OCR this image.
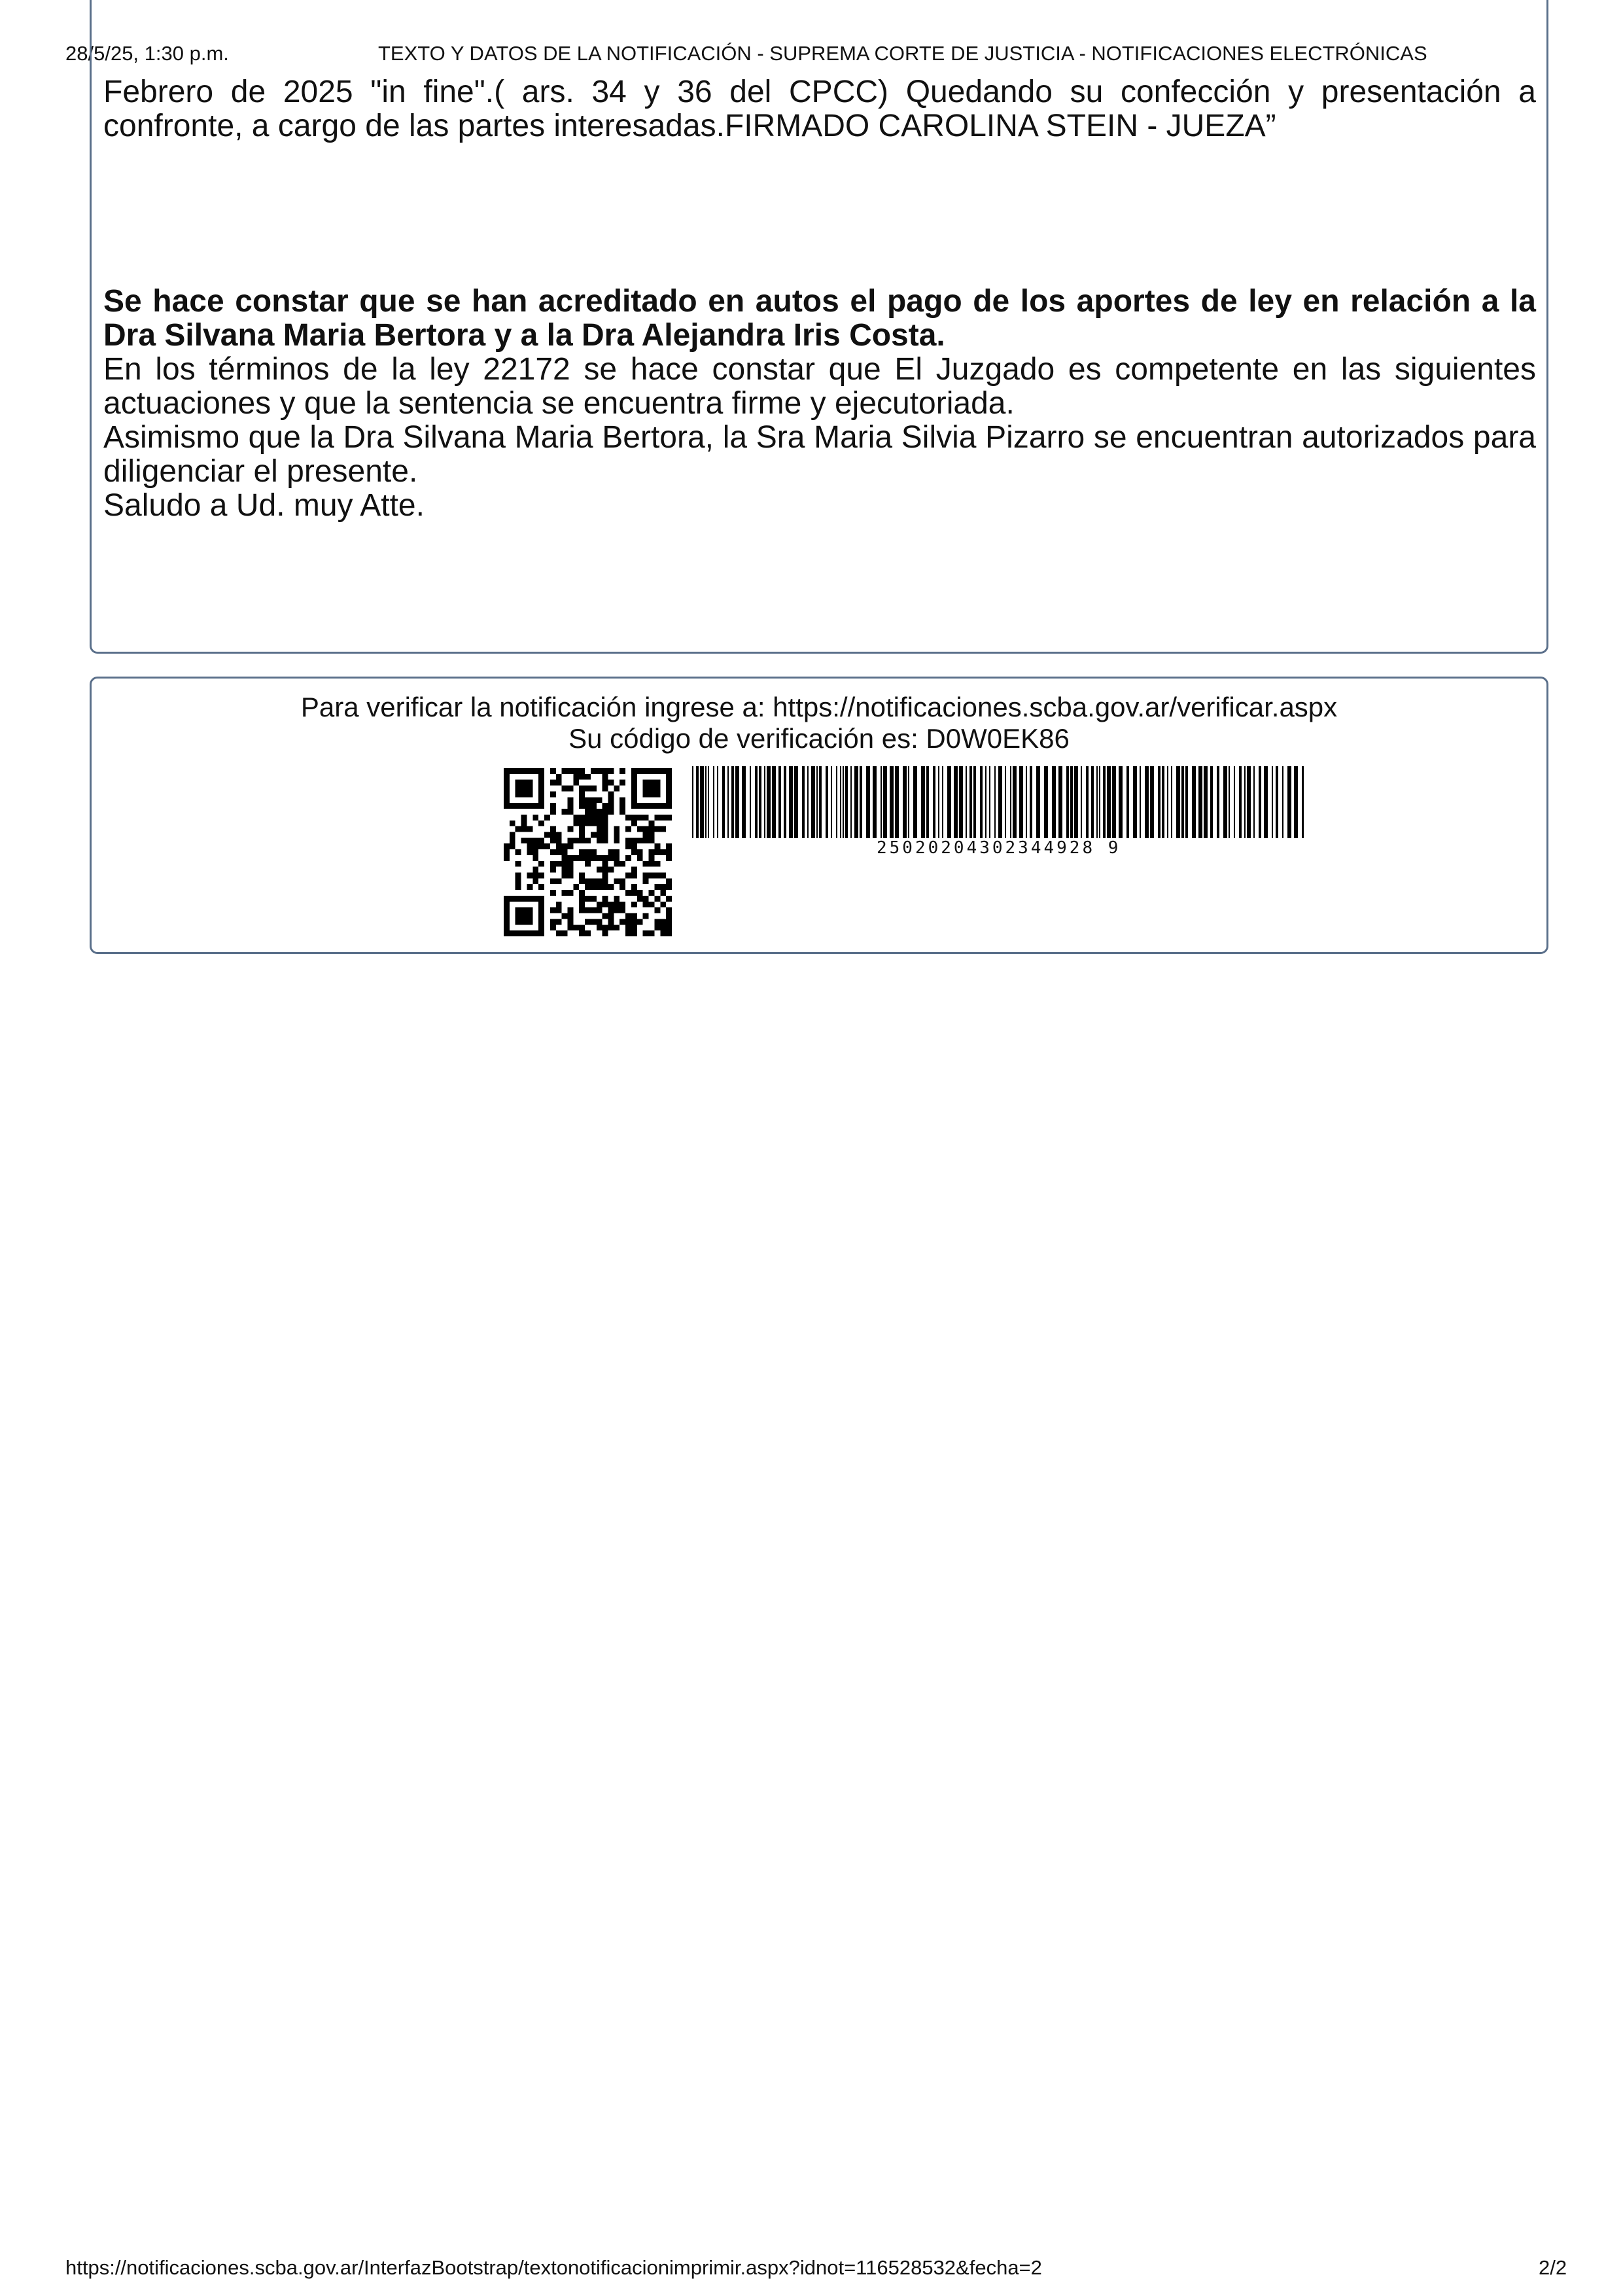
28/5/25, 1:30 p.m.	TEXTO Y DATOS DE LA NOTIFICACIÓN - SUPREMA CORTE DE JUSTICIA - NOTIFICACIONES ELECTRÓNICAS

Febrero de 2025 "in fine".( ars. 34 y 36 del CPCC) Quedando su confección y presentación a

confronte, a cargo de las partes interesadas.FIRMADO CAROLINA STEIN - JUEZA”

Se hace constar que se han acreditado en autos el pago de los aportes de ley en relación a la Dra Silvana Maria Bertora y a la Dra Alejandra Iris Costa.

En los términos de la ley 22172 se hace constar que El Juzgado es competente en las siguientes actuaciones y que la sentencia se encuentra firme y ejecutoriada.

Asimismo que la Dra Silvana Maria Bertora, la Sra Maria Silvia Pizarro se encuentran autorizados para diligenciar el presente.

Saludo a Ud. muy Atte.

Para verificar la notificación ingrese a: https://notificaciones.scba.gov.ar/verificar.aspx
Su código de verificación es: D0W0EK86
25020204302344928 9
https://notificaciones.scba.gov.ar/InterfazBootstrap/textonotificacionimprimir.aspx?idnot=116528532&fecha=2	2/2
